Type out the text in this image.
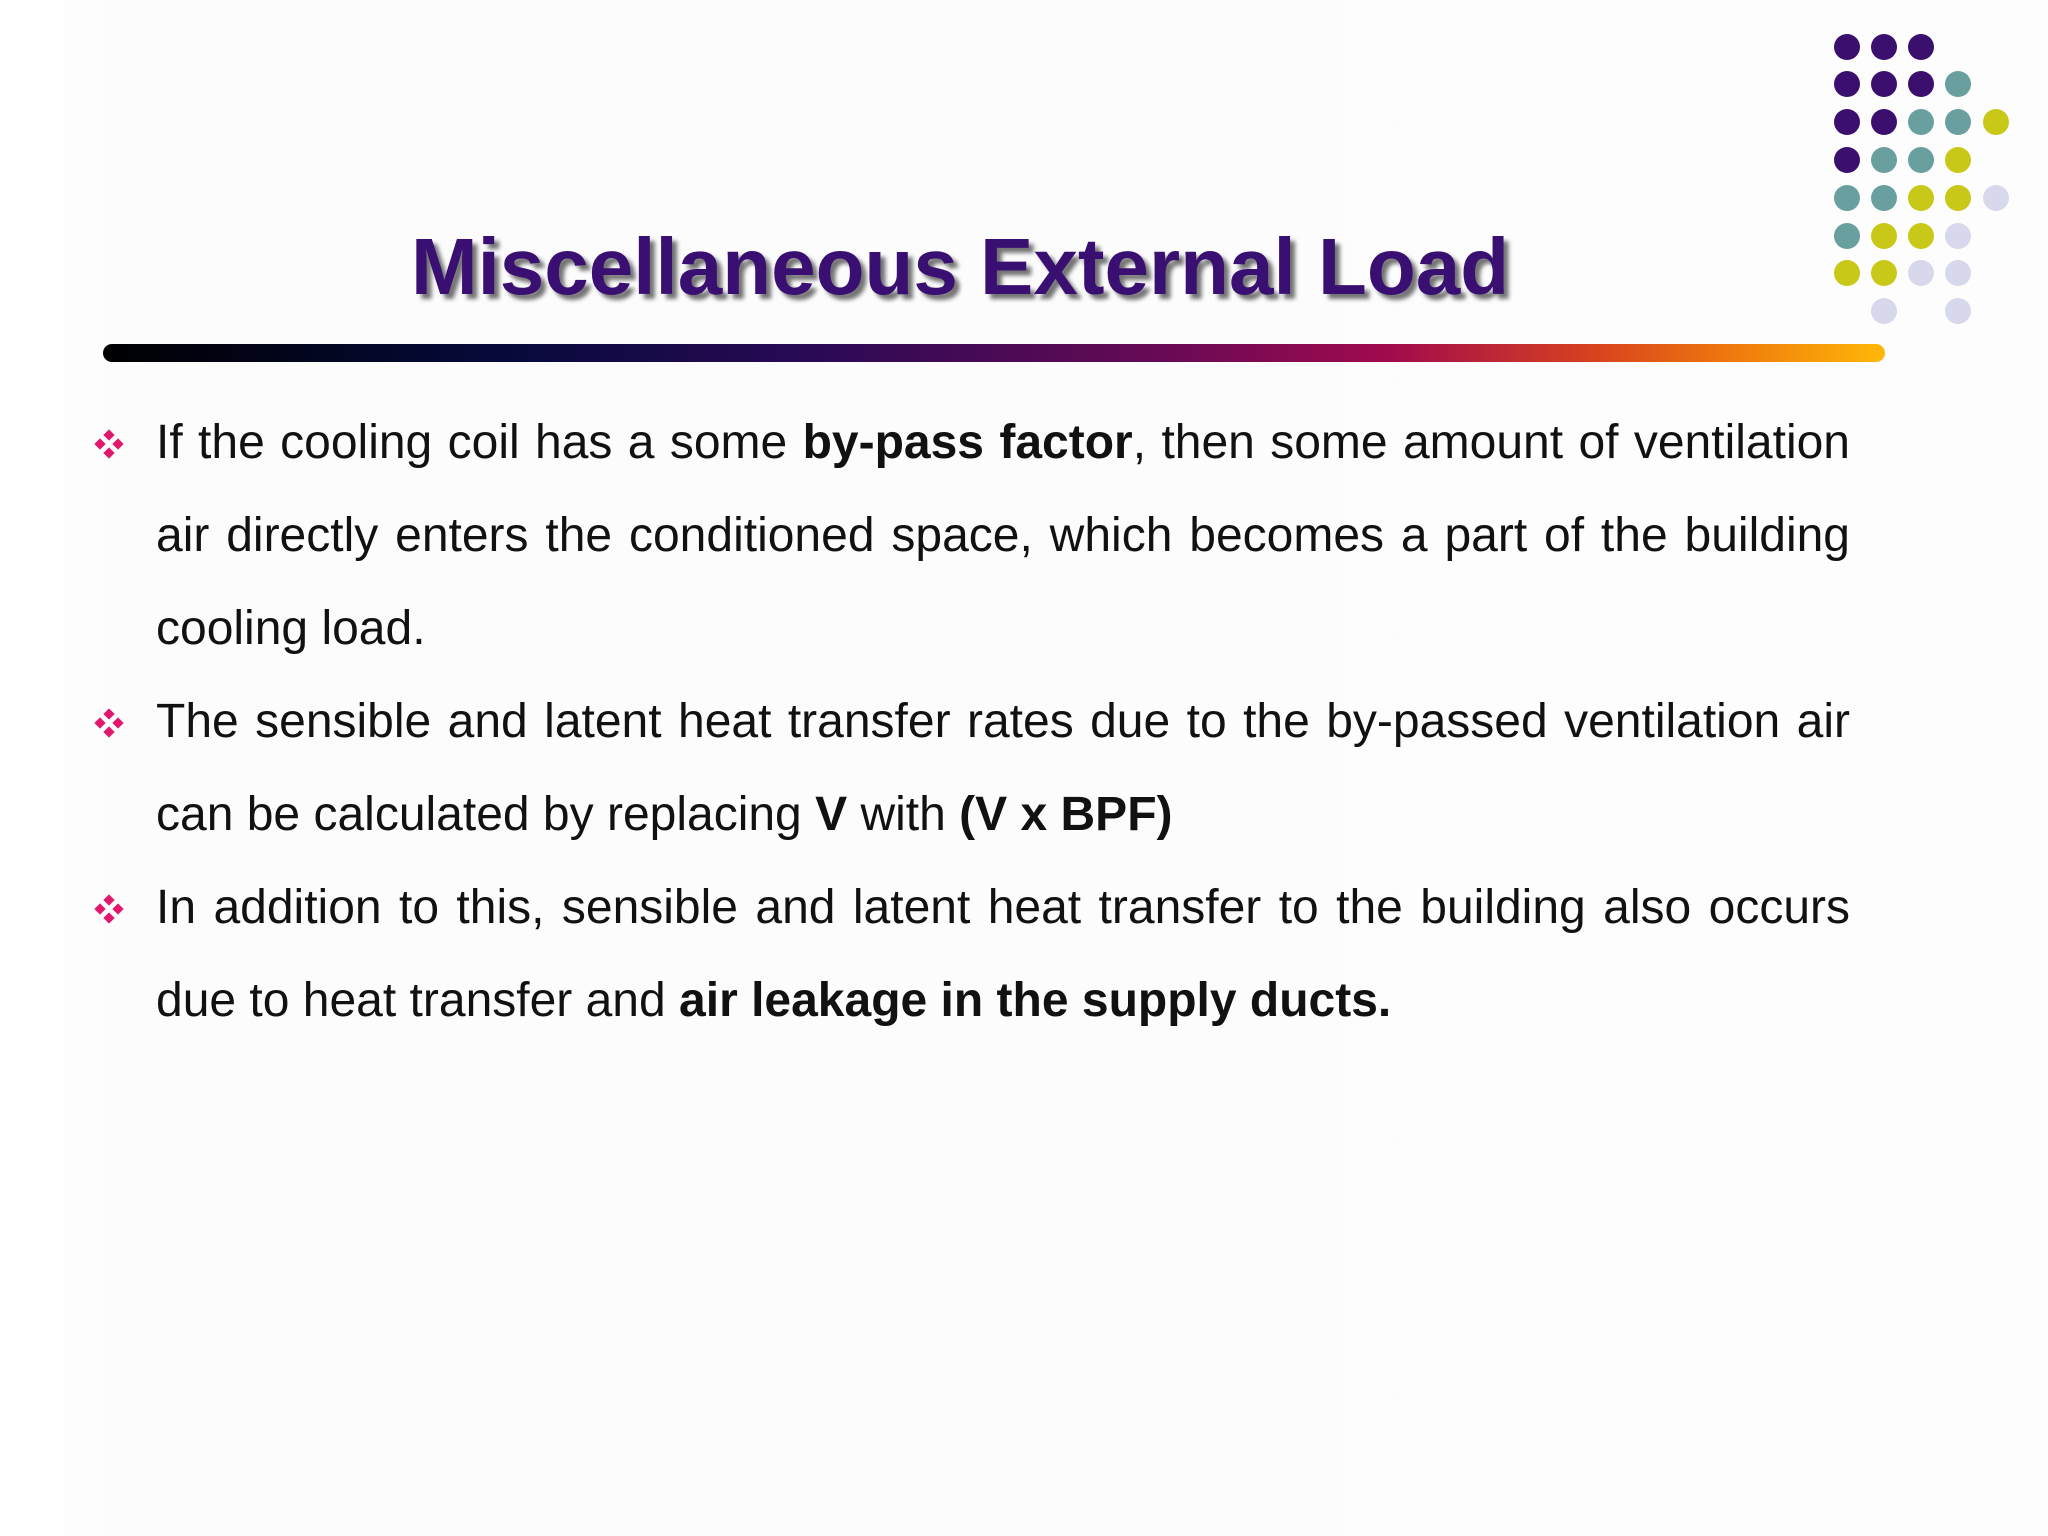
Miscellaneous External Load
If the cooling coil has a some by-pass factor, then some amount of ventilation air directly enters the conditioned space, which becomes a part of the building cooling load.
The sensible and latent heat transfer rates due to the by-passed ventilation air can be calculated by replacing V with (V x BPF)
In addition to this, sensible and latent heat transfer to the building also occurs due to heat transfer and air leakage in the supply ducts.
